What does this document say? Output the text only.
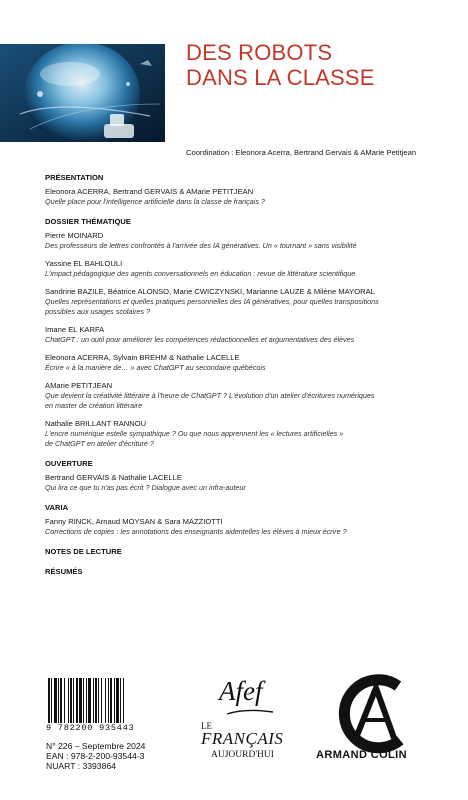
DES ROBOTS
DANS LA CLASSE
Coordination : Eleonora Acerra, Bertrand Gervais & AMarie Petitjean
PRÉSENTATION
Eleonora ACERRA, Bertrand GERVAIS & AMarie PETITJEAN
Quelle place pour l'intelligence artificielle dans la classe de français ?
DOSSIER THÉMATIQUE
Pierre MOINARD
Des professeurs de lettres confrontés à l'arrivée des IA génératives. Un « tournant » sans visibilité
Yassine EL BAHLOULI
L'impact pédagogique des agents conversationnels en éducation : revue de littérature scientifique
Sandrine BAZILE, Béatrice ALONSO, Marie CWICZYNSKI, Marianne LAUZE & Milène MAYORAL
Quelles représentations et quelles pratiques personnelles des IA génératives, pour quelles transpositions
possibles aux usages scolaires ?
Imane EL KARFA
ChatGPT : un outil pour améliorer les compétences rédactionnelles et argumentatives des élèves
Eleonora ACERRA, Sylvain BREHM & Nathalie LACELLE
Écrire « à la manière de… » avec ChatGPT au secondaire québécois
AMarie PETITJEAN
Que devient la créativité littéraire à l'heure de ChatGPT ? L'évolution d'un atelier d'écritures numériques
en master de création littéraire
Nathalie BRILLANT RANNOU
L'encre numérique estelle sympathique ? Ou que nous apprennent les « lectures artificielles »
de ChatGPT en atelier d'écriture ?
OUVERTURE
Bertrand GERVAIS & Nathalie LACELLE
Qui lira ce que tu n'as pas écrit ? Dialogue avec un infra-auteur
VARIA
Fanny RINCK, Arnaud MOYSAN & Sara MAZZIOTTI
Corrections de copies : les annotations des enseignants aidentelles les élèves à mieux écrire ?
NOTES DE LECTURE
RÉSUMÉS
9 782200 935443
N° 226 – Septembre 2024
EAN : 978-2-200-93544-3
NUART : 3393864
Afef
LE
FRANÇAIS
AUJOURD'HUI	ARMAND COLIN
